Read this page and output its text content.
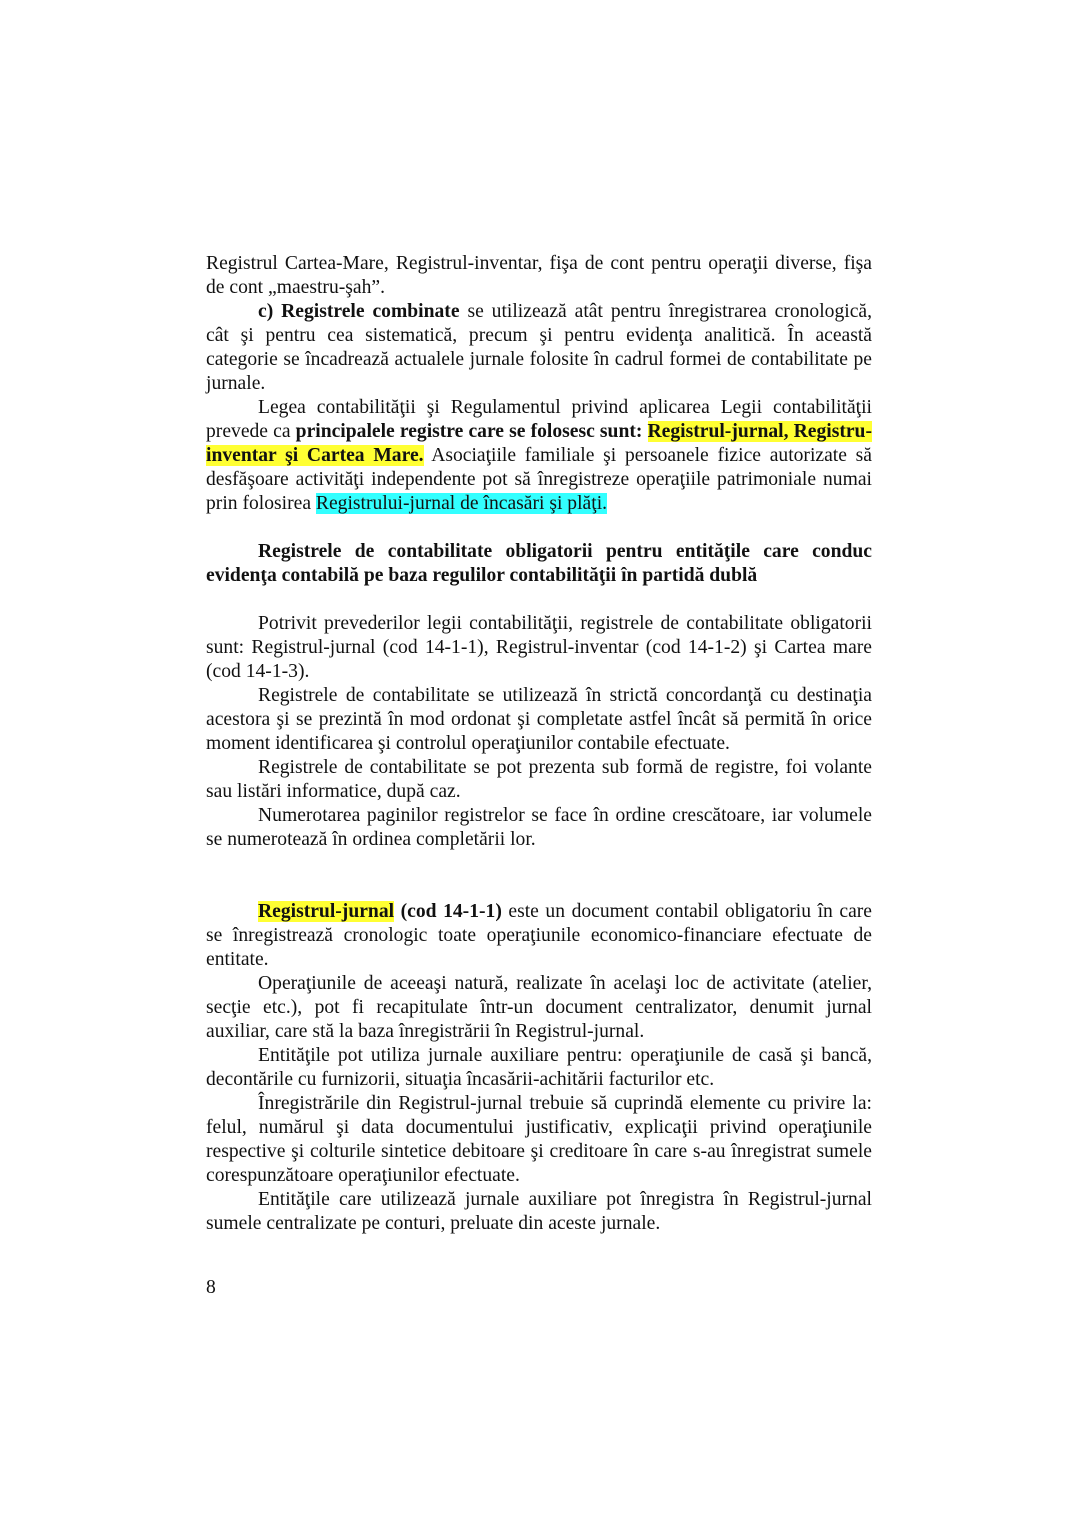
Registrul Cartea-Mare, Registrul-inventar, fişa de cont pentru operaţii diverse, fişa de cont „maestru-şah”.

c) Registrele combinate se utilizează atât pentru înregistrarea cronologică, cât şi pentru cea sistematică, precum şi pentru evidenţa analitică. În această categorie se încadrează actualele jurnale folosite în cadrul formei de contabilitate pe jurnale.

Legea contabilităţii şi Regulamentul privind aplicarea Legii contabilităţii prevede ca principalele registre care se folosesc sunt: Registrul-jurnal, Registru-inventar şi Cartea Mare. Asociaţiile familiale şi persoanele fizice autorizate să desfăşoare activităţi independente pot să înregistreze operaţiile patrimoniale numai prin folosirea Registrului-jurnal de încasări şi plăţi.

Registrele de contabilitate obligatorii pentru entităţile care conduc evidenţa contabilă pe baza regulilor contabilităţii în partidă dublă

Potrivit prevederilor legii contabilităţii, registrele de contabilitate obligatorii sunt: Registrul-jurnal (cod 14-1-1), Registrul-inventar (cod 14-1-2) şi Cartea mare (cod 14-1-3).

Registrele de contabilitate se utilizează în strictă concordanţă cu destinaţia acestora şi se prezintă în mod ordonat şi completate astfel încât să permită în orice moment identificarea şi controlul operaţiunilor contabile efectuate.

Registrele de contabilitate se pot prezenta sub formă de registre, foi volante sau listări informatice, după caz.

Numerotarea paginilor registrelor se face în ordine crescătoare, iar volumele se numerotează în ordinea completării lor.

Registrul-jurnal (cod 14-1-1) este un document contabil obligatoriu în care se înregistrează cronologic toate operaţiunile economico-financiare efectuate de entitate.

Operaţiunile de aceeaşi natură, realizate în acelaşi loc de activitate (atelier, secţie etc.), pot fi recapitulate într-un document centralizator, denumit jurnal auxiliar, care stă la baza înregistrării în Registrul-jurnal.

Entităţile pot utiliza jurnale auxiliare pentru: operaţiunile de casă şi bancă, decontările cu furnizorii, situaţia încasării-achitării facturilor etc.

Înregistrările din Registrul-jurnal trebuie să cuprindă elemente cu privire la: felul, numărul şi data documentului justificativ, explicaţii privind operaţiunile respective şi colturile sintetice debitoare şi creditoare în care s-au înregistrat sumele corespunzătoare operaţiunilor efectuate.

Entităţile care utilizează jurnale auxiliare pot înregistra în Registrul-jurnal sumele centralizate pe conturi, preluate din aceste jurnale.

8
